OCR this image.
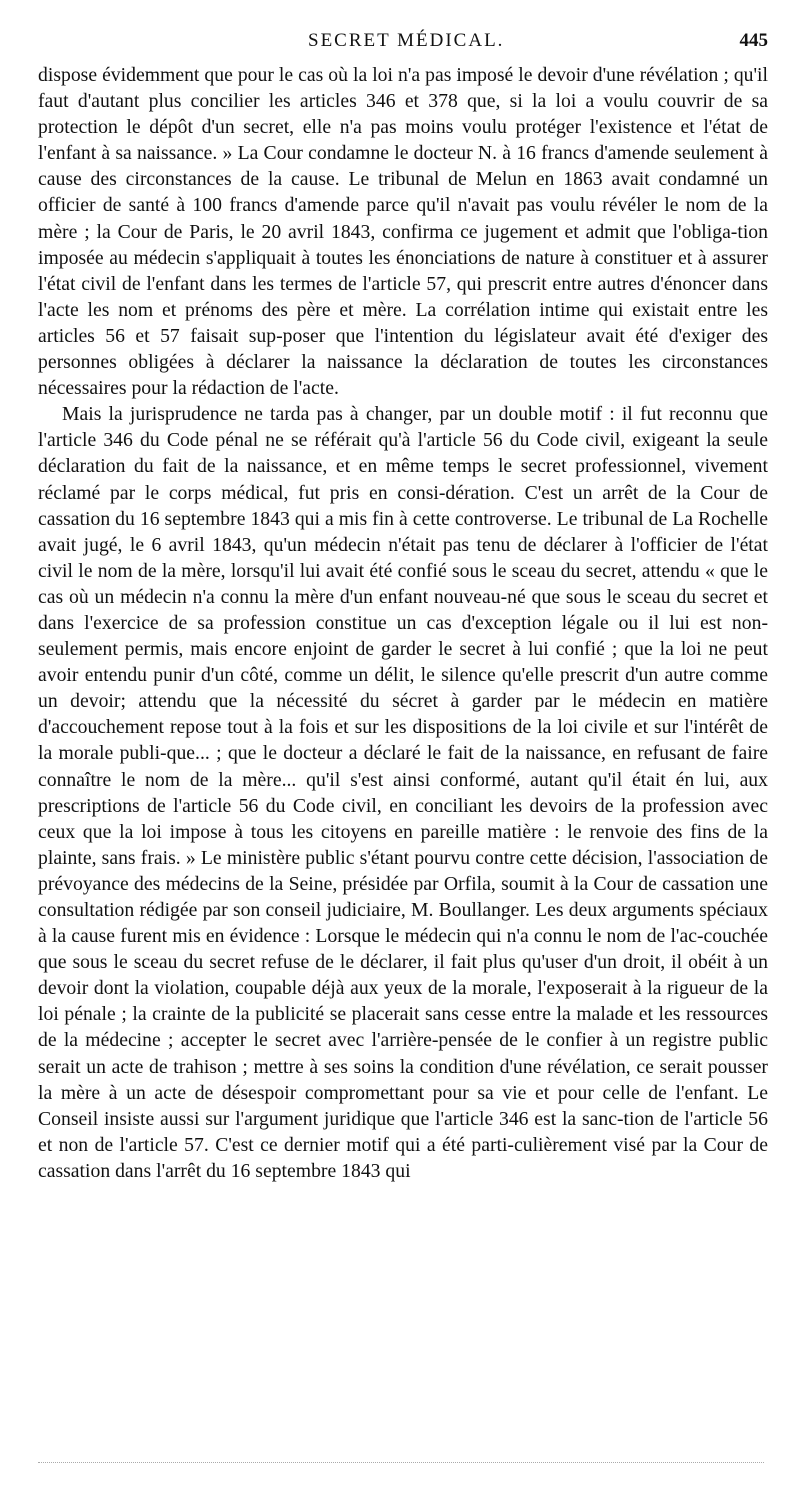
SECRET MÉDICAL.	445

dispose évidemment que pour le cas où la loi n'a pas imposé le devoir d'une révélation ; qu'il faut d'autant plus concilier les articles 346 et 378 que, si la loi a voulu couvrir de sa protection le dépôt d'un secret, elle n'a pas moins voulu protéger l'existence et l'état de l'enfant à sa naissance. » La Cour condamne le docteur N. à 16 francs d'amende seulement à cause des circonstances de la cause. Le tribunal de Melun en 1863 avait condamné un officier de santé à 100 francs d'amende parce qu'il n'avait pas voulu révéler le nom de la mère ; la Cour de Paris, le 20 avril 1843, confirma ce jugement et admit que l'obliga-tion imposée au médecin s'appliquait à toutes les énonciations de nature à constituer et à assurer l'état civil de l'enfant dans les termes de l'article 57, qui prescrit entre autres d'énoncer dans l'acte les nom et prénoms des père et mère. La corrélation intime qui existait entre les articles 56 et 57 faisait sup-poser que l'intention du législateur avait été d'exiger des personnes obligées à déclarer la naissance la déclaration de toutes les circonstances nécessaires pour la rédaction de l'acte.

Mais la jurisprudence ne tarda pas à changer, par un double motif : il fut reconnu que l'article 346 du Code pénal ne se référait qu'à l'article 56 du Code civil, exigeant la seule déclaration du fait de la naissance, et en même temps le secret professionnel, vivement réclamé par le corps médical, fut pris en consi-dération. C'est un arrêt de la Cour de cassation du 16 septembre 1843 qui a mis fin à cette controverse. Le tribunal de La Rochelle avait jugé, le 6 avril 1843, qu'un médecin n'était pas tenu de déclarer à l'officier de l'état civil le nom de la mère, lorsqu'il lui avait été confié sous le sceau du secret, attendu « que le cas où un médecin n'a connu la mère d'un enfant nouveau-né que sous le sceau du secret et dans l'exercice de sa profession constitue un cas d'exception légale ou il lui est non-seulement permis, mais encore enjoint de garder le secret à lui confié ; que la loi ne peut avoir entendu punir d'un côté, comme un délit, le silence qu'elle prescrit d'un autre comme un devoir; attendu que la nécessité du sécret à garder par le médecin en matière d'accouchement repose tout à la fois et sur les dispositions de la loi civile et sur l'intérêt de la morale publi-que... ; que le docteur a déclaré le fait de la naissance, en refusant de faire connaître le nom de la mère... qu'il s'est ainsi conformé, autant qu'il était én lui, aux prescriptions de l'article 56 du Code civil, en conciliant les devoirs de la profession avec ceux que la loi impose à tous les citoyens en pareille matière : le renvoie des fins de la plainte, sans frais. » Le ministère public s'étant pourvu contre cette décision, l'association de prévoyance des médecins de la Seine, présidée par Orfila, soumit à la Cour de cassation une consultation rédigée par son conseil judiciaire, M. Boullanger. Les deux arguments spéciaux à la cause furent mis en évidence : Lorsque le médecin qui n'a connu le nom de l'ac-couchée que sous le sceau du secret refuse de le déclarer, il fait plus qu'user d'un droit, il obéit à un devoir dont la violation, coupable déjà aux yeux de la morale, l'exposerait à la rigueur de la loi pénale ; la crainte de la publicité se placerait sans cesse entre la malade et les ressources de la médecine ; accepter le secret avec l'arrière-pensée de le confier à un registre public serait un acte de trahison ; mettre à ses soins la condition d'une révélation, ce serait pousser la mère à un acte de désespoir compromettant pour sa vie et pour celle de l'enfant. Le Conseil insiste aussi sur l'argument juridique que l'article 346 est la sanc-tion de l'article 56 et non de l'article 57. C'est ce dernier motif qui a été parti-culièrement visé par la Cour de cassation dans l'arrêt du 16 septembre 1843 qui
